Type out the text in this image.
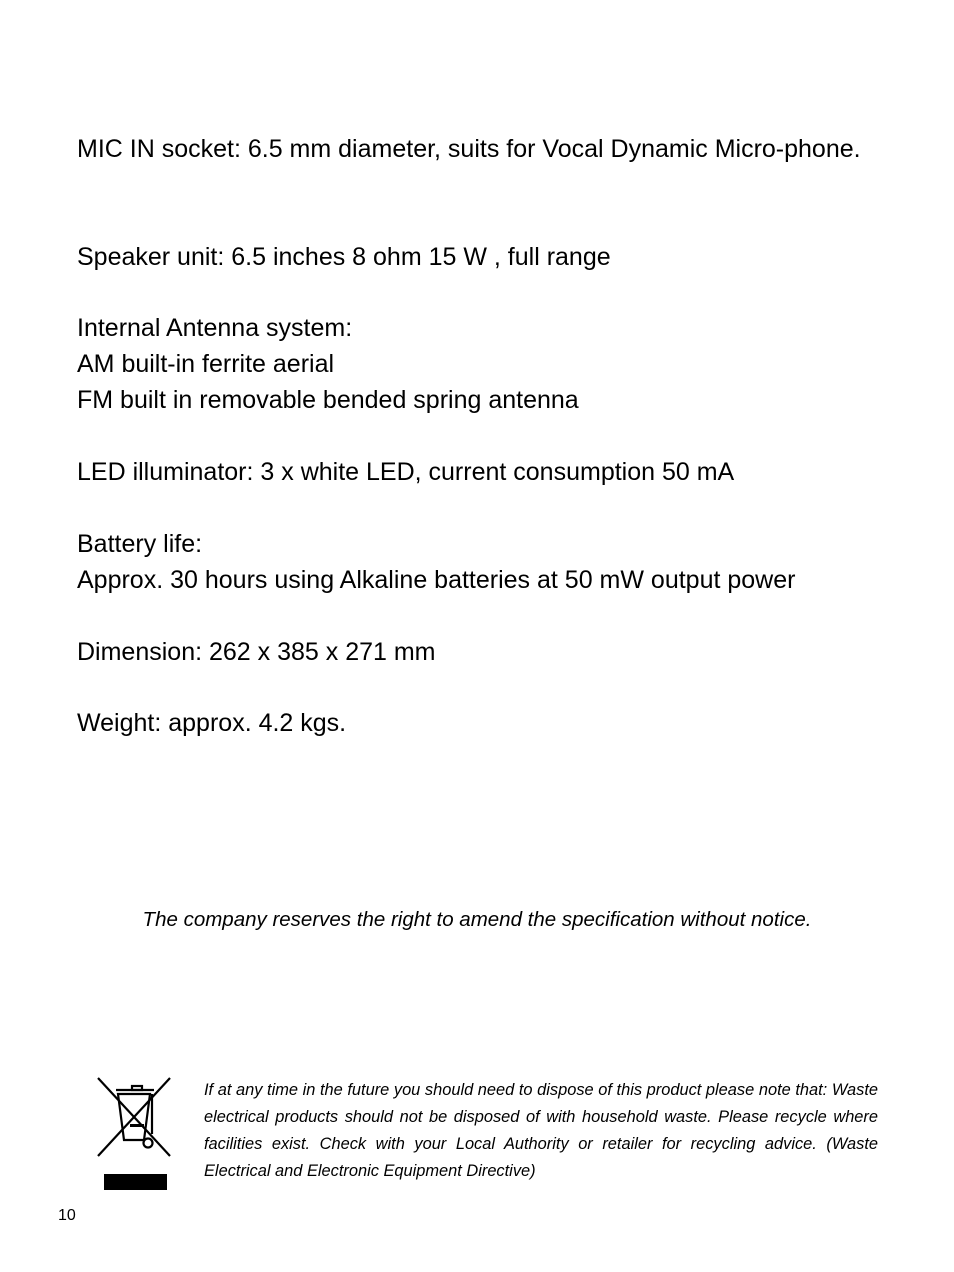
MIC IN socket: 6.5 mm diameter, suits for Vocal Dynamic Micro-phone.

Speaker unit: 6.5 inches 8 ohm 15 W , full range

Internal Antenna system:

AM built-in ferrite aerial

FM built in removable bended spring antenna

LED illuminator: 3 x white LED, current consumption 50 mA

Battery life:

Approx. 30 hours using Alkaline batteries at 50 mW output power

Dimension: 262 x 385 x 271 mm

Weight: approx. 4.2 kgs.

The company reserves the right to amend the specification without notice.

If at any time in the future you should need to dispose of this product please note that: Waste electrical products should not be disposed of with household waste. Please recycle where facilities exist. Check with your Local Authority or retailer for recycling advice. (Waste Electrical and Electronic Equipment Directive)

10
